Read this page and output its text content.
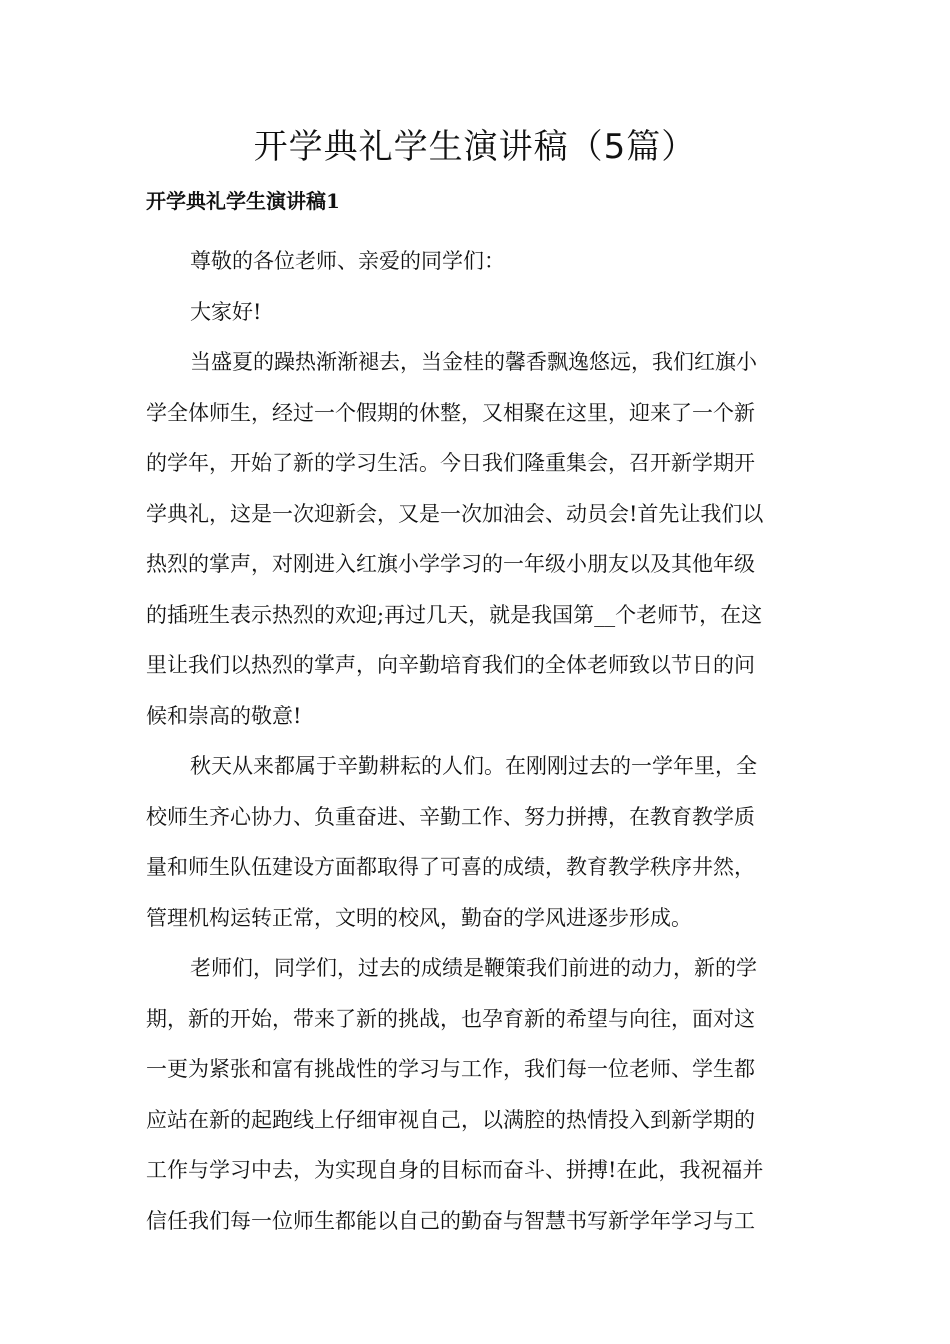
开学典礼学生演讲稿（5篇）
开学典礼学生演讲稿1
尊敬的各位老师、亲爱的同学们：
大家好!
当盛夏的躁热渐渐褪去，当金桂的馨香飘逸悠远，我们红旗小
学全体师生，经过一个假期的休整，又相聚在这里，迎来了一个新
的学年，开始了新的学习生活。今日我们隆重集会，召开新学期开
学典礼，这是一次迎新会，又是一次加油会、动员会!首先让我们以
热烈的掌声，对刚进入红旗小学学习的一年级小朋友以及其他年级
的插班生表示热烈的欢迎;再过几天，就是我国第__个老师节，在这
里让我们以热烈的掌声，向辛勤培育我们的全体老师致以节日的问
候和崇高的敬意!
秋天从来都属于辛勤耕耘的人们。在刚刚过去的一学年里，全
校师生齐心协力、负重奋进、辛勤工作、努力拼搏，在教育教学质
量和师生队伍建设方面都取得了可喜的成绩，教育教学秩序井然，
管理机构运转正常，文明的校风，勤奋的学风进逐步形成。
老师们，同学们，过去的成绩是鞭策我们前进的动力，新的学
期，新的开始，带来了新的挑战，也孕育新的希望与向往，面对这
一更为紧张和富有挑战性的学习与工作，我们每一位老师、学生都
应站在新的起跑线上仔细审视自己，以满腔的热情投入到新学期的
工作与学习中去，为实现自身的目标而奋斗、拼搏!在此，我祝福并
信任我们每一位师生都能以自己的勤奋与智慧书写新学年学习与工
